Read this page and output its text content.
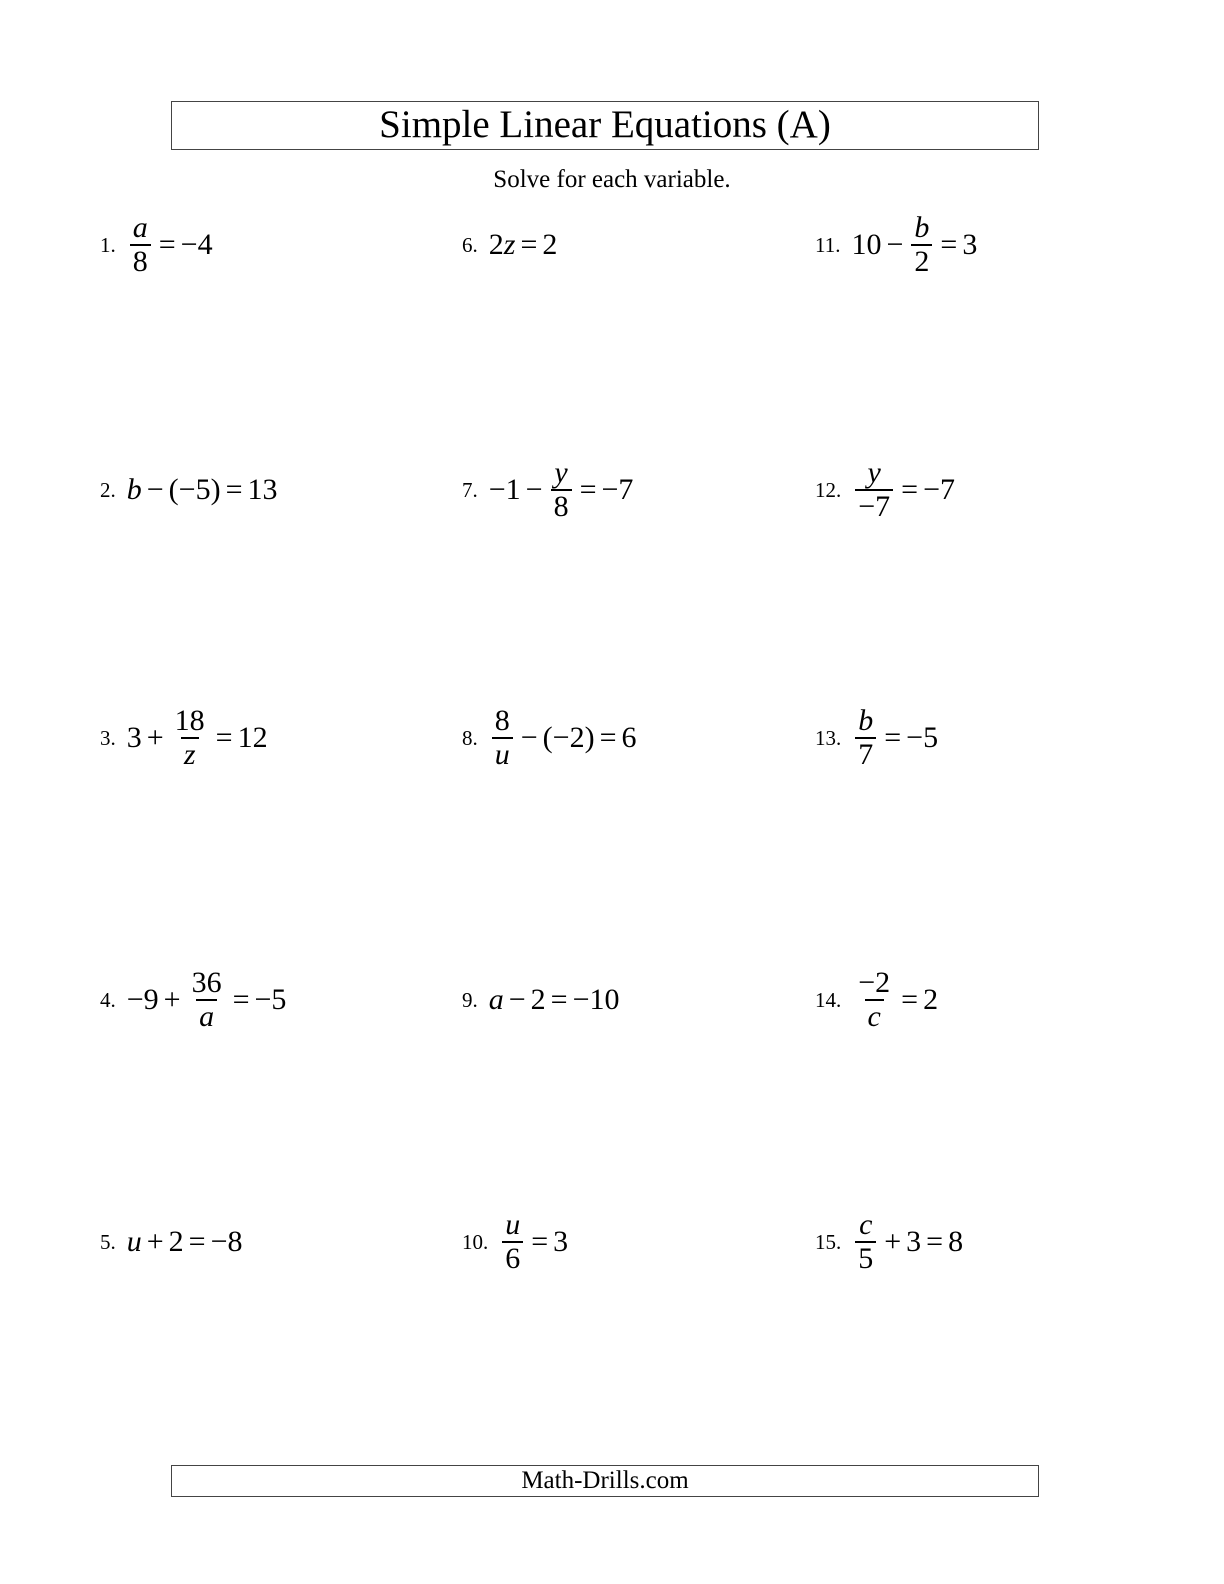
Simple Linear Equations (A)
Solve for each variable.
1. $\frac{a}{8} = -4$
2. b − (−5) = 13
3. $3 + \frac{18}{z} = 12$
4. $-9 + \frac{36}{a} = -5$
5. u + 2 = −8
6. 2 z = 2
7. $-1 - \frac{y}{8} = -7$
8. $\frac{8}{u} - (-2) = 6$
9. a − 2 = −10
10. $\frac{u}{6} = 3$
11. $10 - \frac{b}{2} = 3$
12. $\frac{y}{-7} = -7$
13. $\frac{b}{7} = -5$
14. $\frac{-2}{c} = 2$
15. $\frac{c}{5} + 3 = 8$
Math-Drills.com
